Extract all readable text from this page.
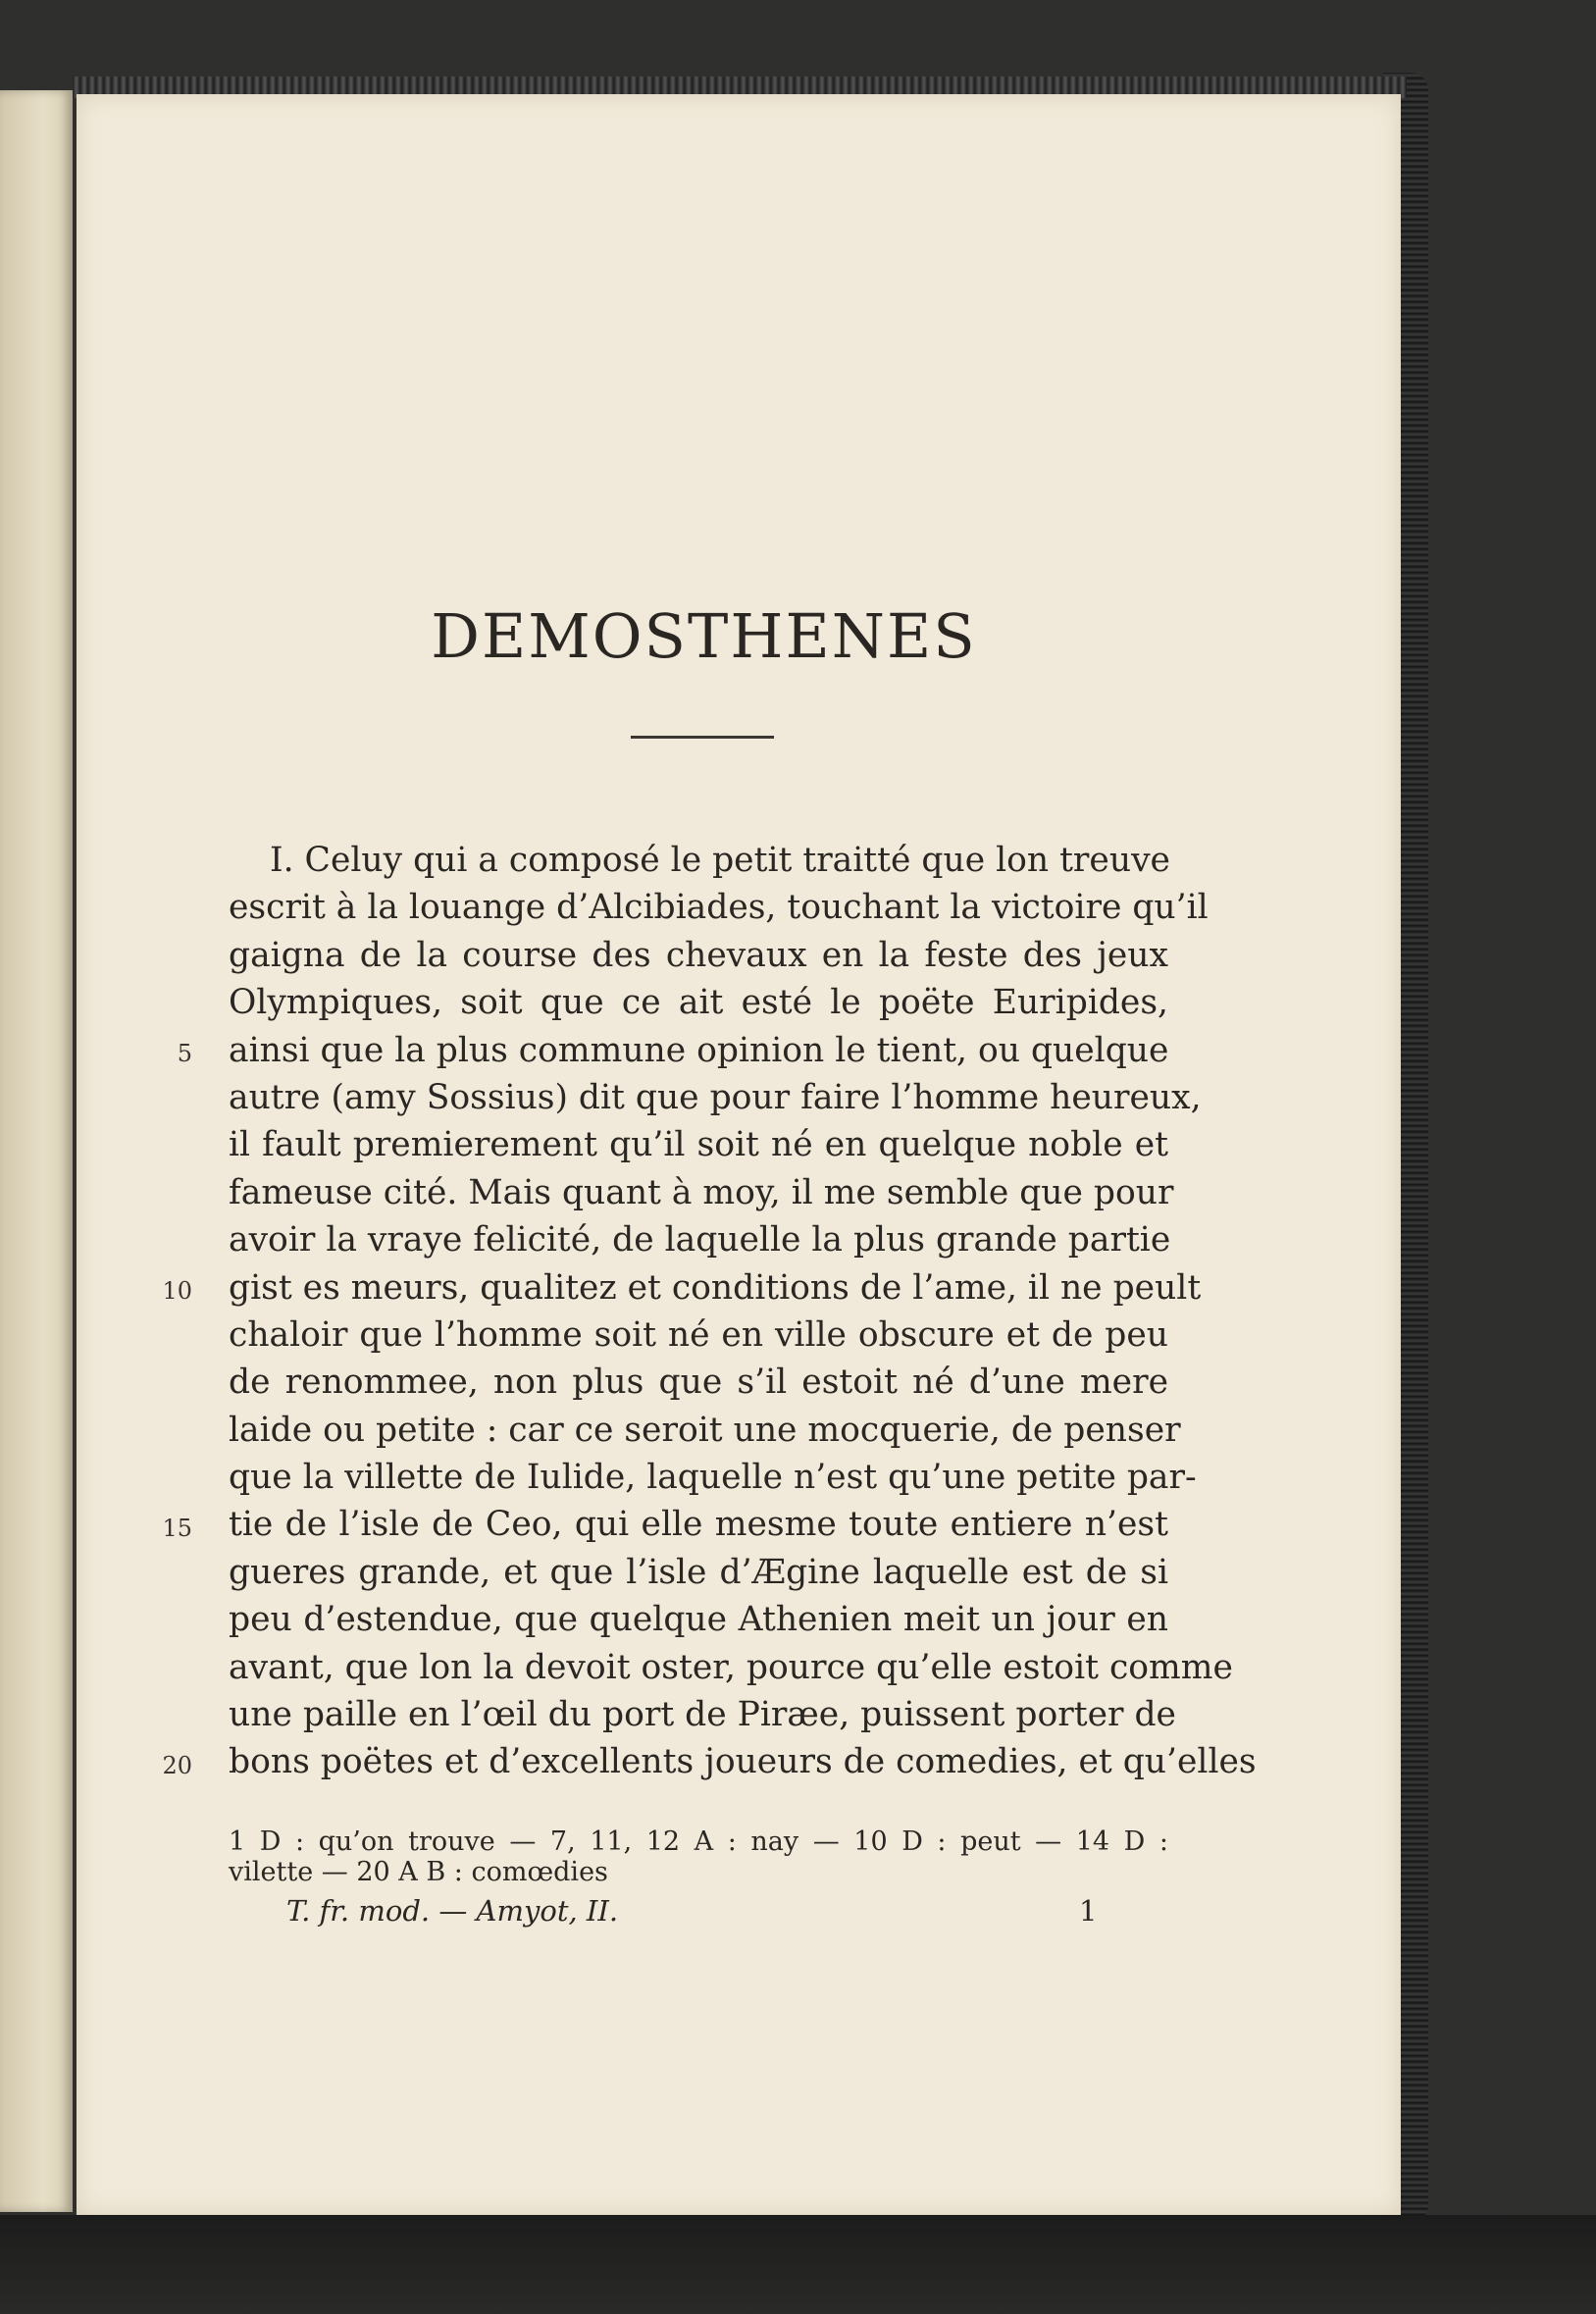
DEMOSTHENES
I. Celuy qui a composé le petit traitté que lon treuve
escrit à la louange d’Alcibiades, touchant la victoire qu’il
gaigna de la course des chevaux en la feste des jeux
Olympiques, soit que ce ait esté le poëte Euripides,
ainsi que la plus commune opinion le tient, ou quelque
autre (amy Sossius) dit que pour faire l’homme heureux,
il fault premierement qu’il soit né en quelque noble et
fameuse cité. Mais quant à moy, il me semble que pour
avoir la vraye felicité, de laquelle la plus grande partie
gist es meurs, qualitez et conditions de l’ame, il ne peult
chaloir que l’homme soit né en ville obscure et de peu
de renommee, non plus que s’il estoit né d’une mere
laide ou petite : car ce seroit une mocquerie, de penser
que la villette de Iulide, laquelle n’est qu’une petite par-
tie de l’isle de Ceo, qui elle mesme toute entiere n’est
gueres grande, et que l’isle d’Ægine laquelle est de si
peu d’estendue, que quelque Athenien meit un jour en
avant, que lon la devoit oster, pource qu’elle estoit comme
une paille en l’œil du port de Piræe, puissent porter de
bons poëtes et d’excellents joueurs de comedies, et qu’elles
5
10
15
20
1 D : qu’on trouve — 7, 11, 12 A : nay — 10 D : peut — 14 D :
vilette — 20 A B : comœdies
T. fr. mod. — Amyot, II.	1
